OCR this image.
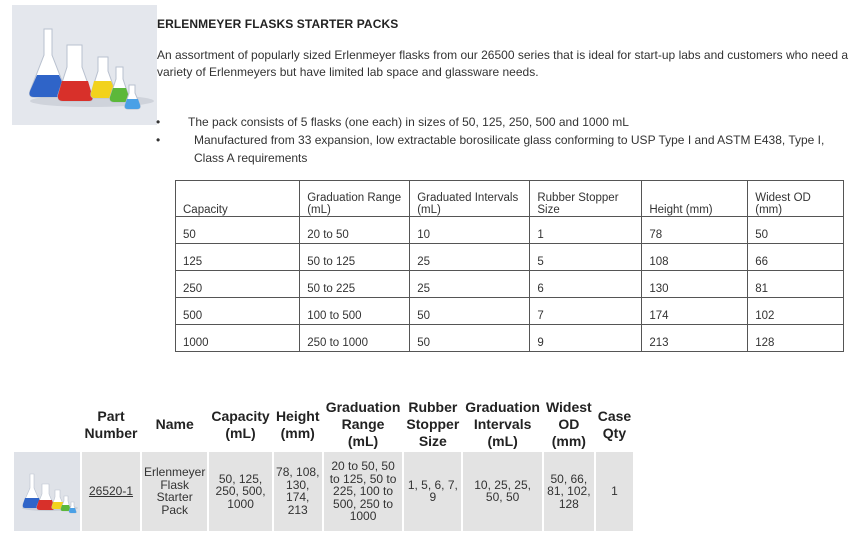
ERLENMEYER FLASKS STARTER PACKS
An assortment of popularly sized Erlenmeyer flasks from our 26500 series that is ideal for start-up labs and customers who need a variety of Erlenmeyers but have limited lab space and glassware needs.
•	The pack consists of 5 flasks (one each) in sizes of 50, 125, 250, 500 and 1000 mL
•	Manufactured from 33 expansion, low extractable borosilicate glass conforming to USP Type I and ASTM E438, Type I, Class A requirements
Capacity	Graduation Range (mL)	Graduated Intervals (mL)	Rubber Stopper Size	Height (mm)	Widest OD (mm)
50	20 to 50	10	1	78	50
125	50 to 125	25	5	108	66
250	50 to 225	25	6	130	81
500	100 to 500	50	7	174	102
1000	250 to 1000	50	9	213	128
	Part Number	Name	Capacity (mL)	Height (mm)	Graduation Range (mL)	Rubber Stopper Size	Graduation Intervals (mL)	Widest OD (mm)	Case Qty
	26520-1	Erlenmeyer Flask Starter Pack	50, 125, 250, 500, 1000	78, 108, 130, 174, 213	20 to 50, 50 to 125, 50 to 225, 100 to 500, 250 to 1000	1, 5, 6, 7, 9	10, 25, 25, 50, 50	50, 66, 81, 102, 128	1
